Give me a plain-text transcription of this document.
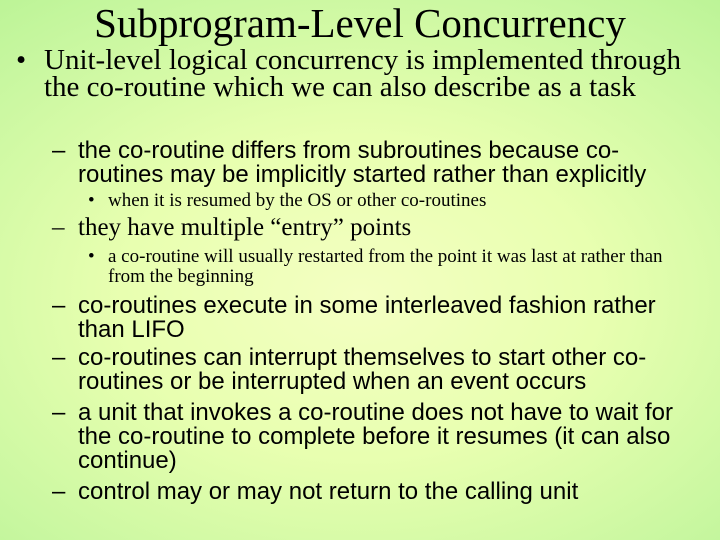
Subprogram-Level Concurrency
• Unit-level logical concurrency is implemented through the co-routine which we can also describe as a task
– the co-routine differs from subroutines because co-routines may be implicitly started rather than explicitly
• when it is resumed by the OS or other co-routines
– they have multiple “entry” points
• a co-routine will usually restarted from the point it was last at rather than from the beginning
– co-routines execute in some interleaved fashion rather than LIFO
– co-routines can interrupt themselves to start other co-routines or be interrupted when an event occurs
– a unit that invokes a co-routine does not have to wait for the co-routine to complete before it resumes (it can also continue)
– control may or may not return to the calling unit
